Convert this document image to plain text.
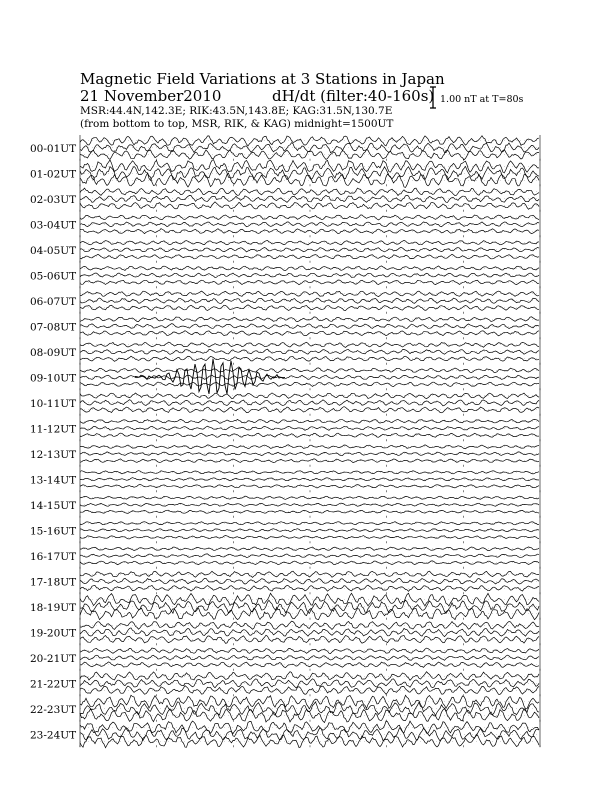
Magnetic Field Variations at 3 Stations in Japan
21 November2010	dH/dt (filter:40-160s)
MSR:44.4N,142.3E; RIK:43.5N,143.8E; KAG:31.5N,130.7E
(from bottom to top, MSR, RIK, & KAG) midnight=1500UT
1.00 nT at T=80s
00-01UT
01-02UT
02-03UT
03-04UT
04-05UT
05-06UT
06-07UT
07-08UT
08-09UT
09-10UT
10-11UT
11-12UT
12-13UT
13-14UT
14-15UT
15-16UT
16-17UT
17-18UT
18-19UT
19-20UT
20-21UT
21-22UT
22-23UT
23-24UT
